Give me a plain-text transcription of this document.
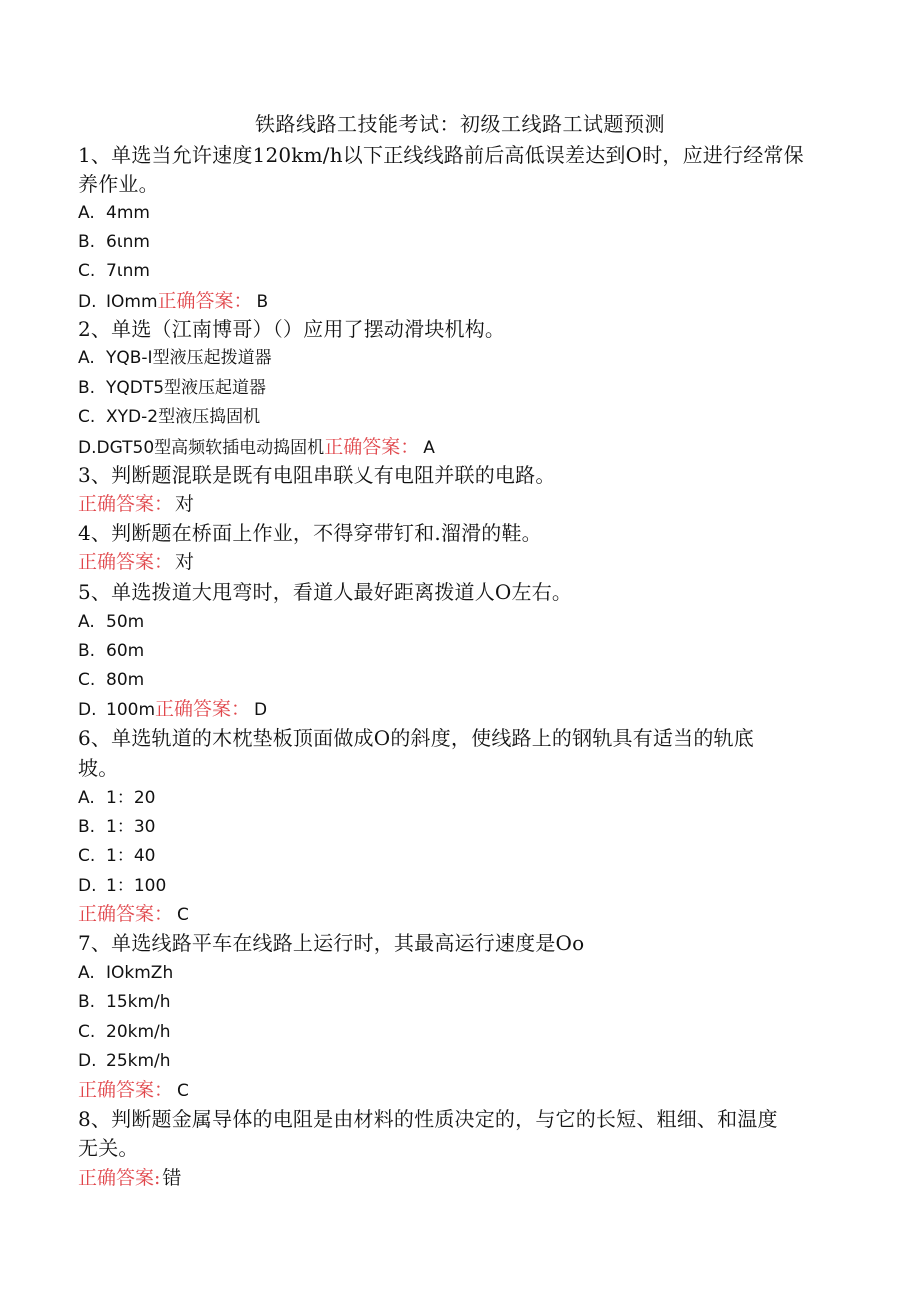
铁路线路工技能考试：初级工线路工试题预测
1、单选当允许速度120km∕h以下正线线路前后高低误差达到O时，应进行经常保
养作业。
A. 4mm
B. 6ιnm
C. 7ιnm
D. IOmm正确答案： B
2、单选（江南博哥）（）应用了摆动滑块机构。
A. YQB-I型液压起拨道器
B. YQDT5型液压起道器
C. XYD-2型液压捣固机
D.DGT50型高频软插电动捣固机正确答案： A
3、判断题混联是既有电阻串联乂有电阻并联的电路。
正确答案： 对
4、判断题在桥面上作业，不得穿带钉和.溜滑的鞋。
正确答案： 对
5、单选拨道大甩弯时，看道人最好距离拨道人O左右。
A. 50m
B. 60m
C. 80m
D. 100m正确答案： D
6、单选轨道的木枕垫板顶面做成O的斜度，使线路上的钢轨具有适当的轨底
坡。
A. 1：20
B. 1：30
C. 1：40
D. 1：100
正确答案： C
7、单选线路平车在线路上运行时，其最高运行速度是Oo
A. IOkmZh
B. 15km∕h
C. 20km∕h
D. 25km∕h
正确答案： C
8、判断题金属导体的电阻是由材料的性质决定的，与它的长短、粗细、和温度
无关。
正确答案: 错
